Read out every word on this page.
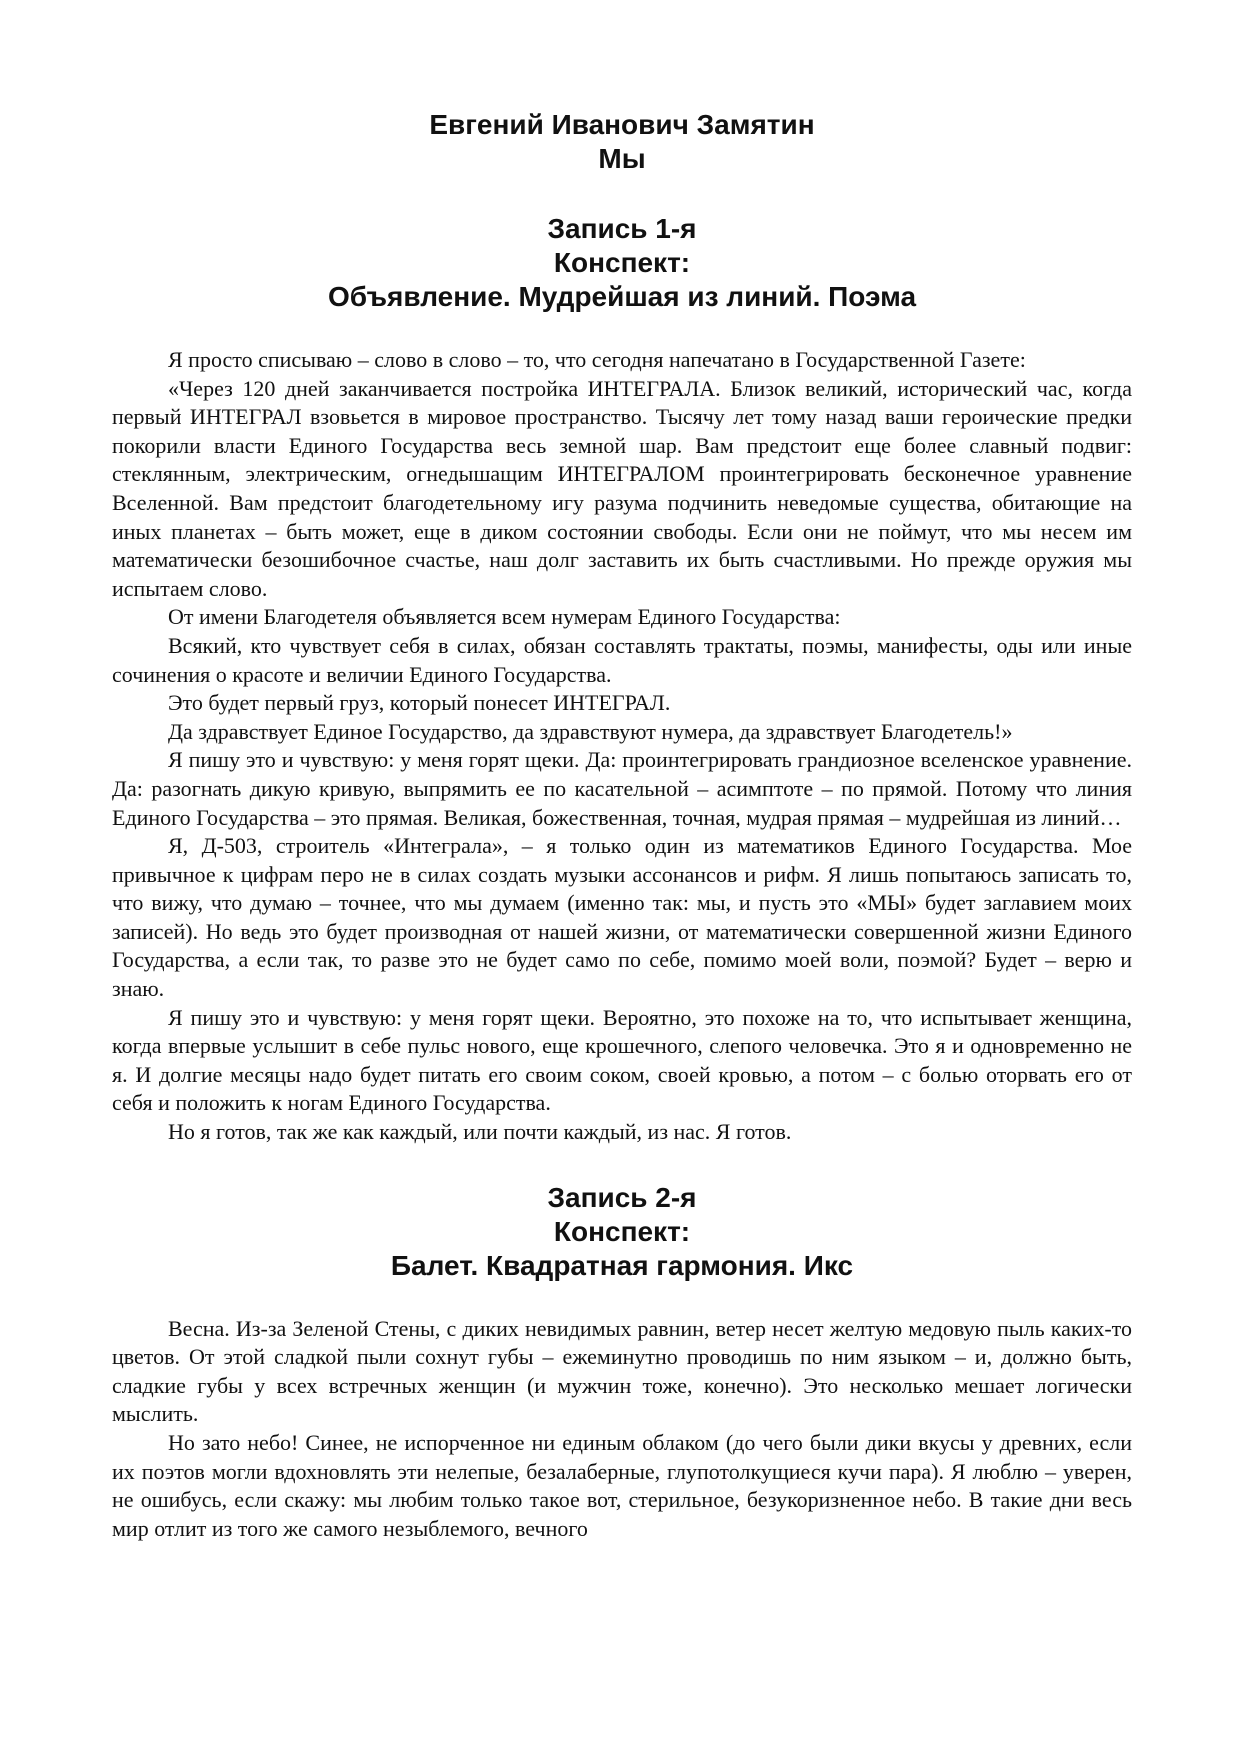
Евгений Иванович Замятин
Мы
Запись 1-я
Конспект:
Объявление. Мудрейшая из линий. Поэма

Я просто списываю – слово в слово – то, что сегодня напечатано в Государственной Газете:

«Через 120 дней заканчивается постройка ИНТЕГРАЛА. Близок великий, исторический час, когда первый ИНТЕГРАЛ взовьется в мировое пространство. Тысячу лет тому назад ваши героические предки покорили власти Единого Государства весь земной шар. Вам предстоит еще более славный подвиг: стеклянным, электрическим, огнедышащим ИНТЕГРАЛОМ проинтегрировать бесконечное уравнение Вселенной. Вам предстоит благодетельному игу разума подчинить неведомые существа, обитающие на иных планетах – быть может, еще в диком состоянии свободы. Если они не поймут, что мы несем им математически безошибочное счастье, наш долг заставить их быть счастливыми. Но прежде оружия мы испытаем слово.

От имени Благодетеля объявляется всем нумерам Единого Государства:

Всякий, кто чувствует себя в силах, обязан составлять трактаты, поэмы, манифесты, оды или иные сочинения о красоте и величии Единого Государства.

Это будет первый груз, который понесет ИНТЕГРАЛ.

Да здравствует Единое Государство, да здравствуют нумера, да здравствует Благодетель!»

Я пишу это и чувствую: у меня горят щеки. Да: проинтегрировать грандиозное вселенское уравнение. Да: разогнать дикую кривую, выпрямить ее по касательной – асимптоте – по прямой. Потому что линия Единого Государства – это прямая. Великая, божественная, точная, мудрая прямая – мудрейшая из линий…

Я, Д-503, строитель «Интеграла», – я только один из математиков Единого Государства. Мое привычное к цифрам перо не в силах создать музыки ассонансов и рифм. Я лишь попытаюсь записать то, что вижу, что думаю – точнее, что мы думаем (именно так: мы, и пусть это «МЫ» будет заглавием моих записей). Но ведь это будет производная от нашей жизни, от математически совершенной жизни Единого Государства, а если так, то разве это не будет само по себе, помимо моей воли, поэмой? Будет – верю и знаю.

Я пишу это и чувствую: у меня горят щеки. Вероятно, это похоже на то, что испытывает женщина, когда впервые услышит в себе пульс нового, еще крошечного, слепого человечка. Это я и одновременно не я. И долгие месяцы надо будет питать его своим соком, своей кровью, а потом – с болью оторвать его от себя и положить к ногам Единого Государства.

Но я готов, так же как каждый, или почти каждый, из нас. Я готов.

Запись 2-я
Конспект:
Балет. Квадратная гармония. Икс

Весна. Из-за Зеленой Стены, с диких невидимых равнин, ветер несет желтую медовую пыль каких-то цветов. От этой сладкой пыли сохнут губы – ежеминутно проводишь по ним языком – и, должно быть, сладкие губы у всех встречных женщин (и мужчин тоже, конечно). Это несколько мешает логически мыслить.

Но зато небо! Синее, не испорченное ни единым облаком (до чего были дики вкусы у древних, если их поэтов могли вдохновлять эти нелепые, безалаберные, глупотолкущиеся кучи пара). Я люблю – уверен, не ошибусь, если скажу: мы любим только такое вот, стерильное, безукоризненное небо. В такие дни весь мир отлит из того же самого незыблемого, вечного
